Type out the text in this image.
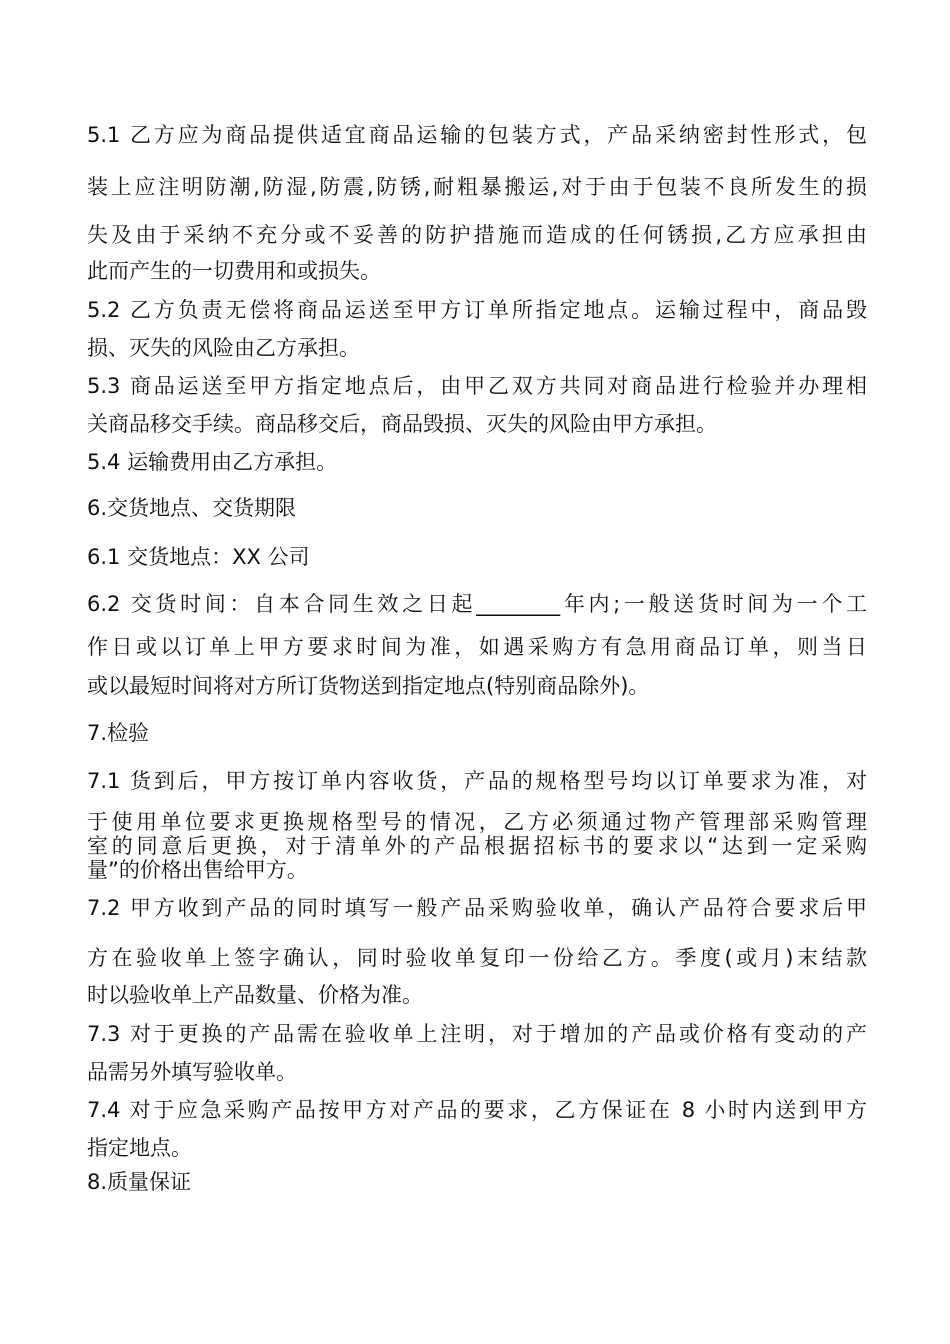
5.1 乙方应为商品提供适宜商品运输的包装方式，产品采纳密封性形式，包
装上应注明防潮,防湿,防震,防锈,耐粗暴搬运,对于由于包装不良所发生的损
失及由于采纳不充分或不妥善的防护措施而造成的任何锈损,乙方应承担由
此而产生的一切费用和或损失。
5.2 乙方负责无偿将商品运送至甲方订单所指定地点。运输过程中，商品毁
损、灭失的风险由乙方承担。
5.3 商品运送至甲方指定地点后，由甲乙双方共同对商品进行检验并办理相
关商品移交手续。商品移交后，商品毁损、灭失的风险由甲方承担。
5.4 运输费用由乙方承担。
6.交货地点、交货期限
6.1 交货地点：XX 公司
6.2 交货时间：自本合同生效之日起________年内;一般送货时间为一个工
作日或以订单上甲方要求时间为准，如遇采购方有急用商品订单，则当日
或以最短时间将对方所订货物送到指定地点(特别商品除外)。
7.检验
7.1 货到后，甲方按订单内容收货，产品的规格型号均以订单要求为准，对
于使用单位要求更换规格型号的情况，乙方必须通过物产管理部采购管理
室的同意后更换，对于清单外的产品根据招标书的要求以“达到一定采购
量”的价格出售给甲方。
7.2 甲方收到产品的同时填写一般产品采购验收单，确认产品符合要求后甲
方在验收单上签字确认，同时验收单复印一份给乙方。季度(或月)末结款
时以验收单上产品数量、价格为准。
7.3 对于更换的产品需在验收单上注明，对于增加的产品或价格有变动的产
品需另外填写验收单。
7.4 对于应急采购产品按甲方对产品的要求，乙方保证在 8 小时内送到甲方
指定地点。
8.质量保证
